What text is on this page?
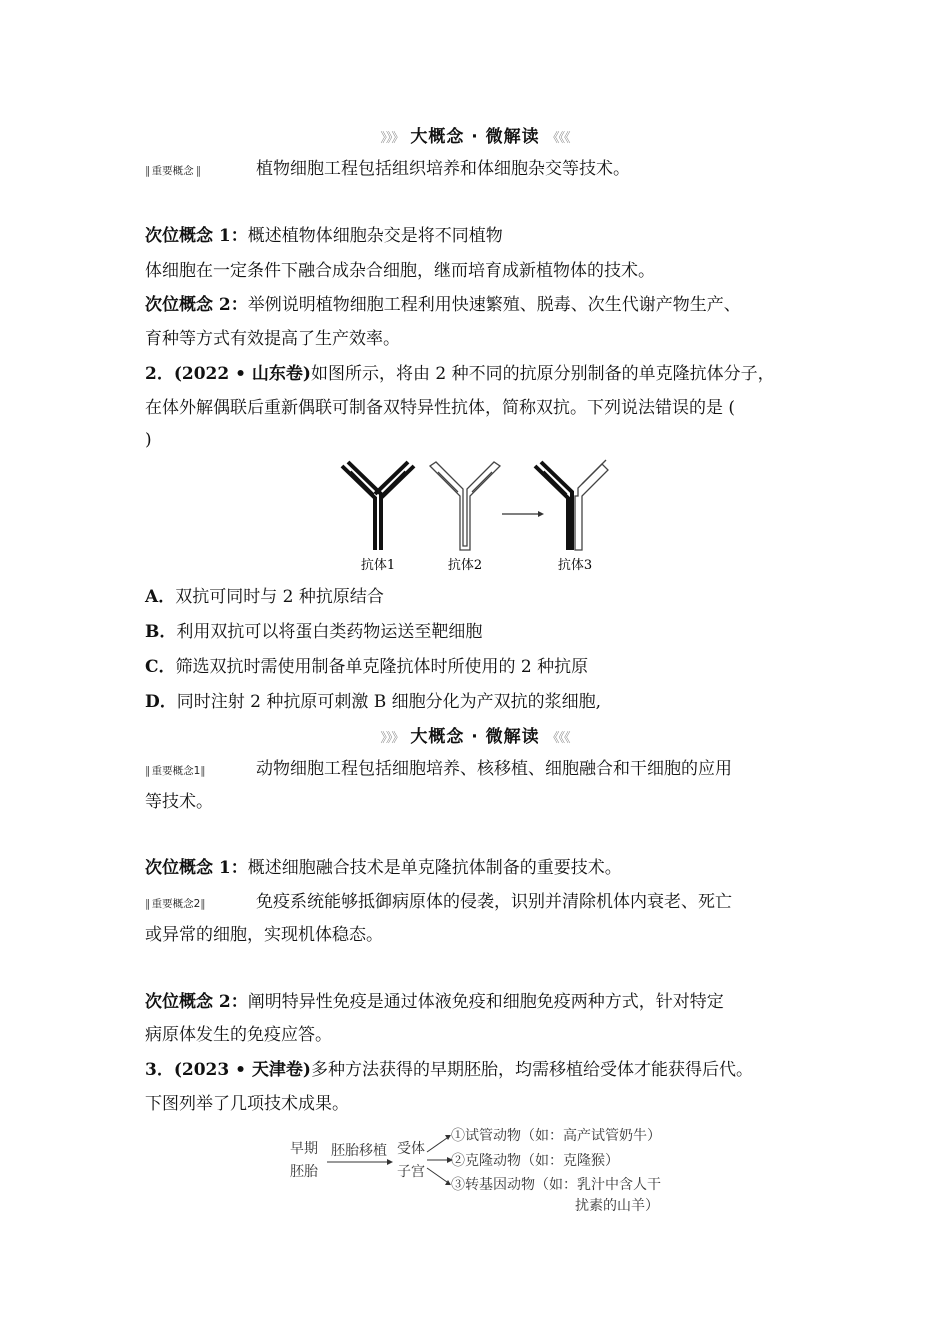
》》》 大概念 · 微解读 《《《
‖ 重要概念 ‖	植物细胞工程包括组织培养和体细胞杂交等技术。
次位概念 1：概述植物体细胞杂交是将不同植物
体细胞在一定条件下融合成杂合细胞，继而培育成新植物体的技术。
次位概念 2：举例说明植物细胞工程利用快速繁殖、脱毒、次生代谢产物生产、
育种等方式有效提高了生产效率。
2．(2022 • 山东卷)如图所示，将由 2 种不同的抗原分别制备的单克隆抗体分子，
在体外解偶联后重新偶联可制备双特异性抗体，简称双抗。下列说法错误的是 (
)
抗体1	抗体2	抗体3
A．双抗可同时与 2 种抗原结合
B．利用双抗可以将蛋白类药物运送至靶细胞
C．筛选双抗时需使用制备单克隆抗体时所使用的 2 种抗原
D．同时注射 2 种抗原可刺激 B 细胞分化为产双抗的浆细胞,
》》》 大概念 · 微解读 《《《
‖ 重要概念1‖	动物细胞工程包括细胞培养、核移植、细胞融合和干细胞的应用
等技术。
次位概念 1：概述细胞融合技术是单克隆抗体制备的重要技术。
‖ 重要概念2‖	免疫系统能够抵御病原体的侵袭，识别并清除机体内衰老、死亡
或异常的细胞，实现机体稳态。
次位概念 2：阐明特异性免疫是通过体液免疫和细胞免疫两种方式，针对特定
病原体发生的免疫应答。
3．(2023 • 天津卷)多种方法获得的早期胚胎，均需移植给受体才能获得后代。
下图列举了几项技术成果。
早期
胚胎
胚胎移植 受体
子宫
①试管动物（如：高产试管奶牛）
②克隆动物（如：克隆猴）
③转基因动物（如：乳汁中含人干
扰素的山羊）
